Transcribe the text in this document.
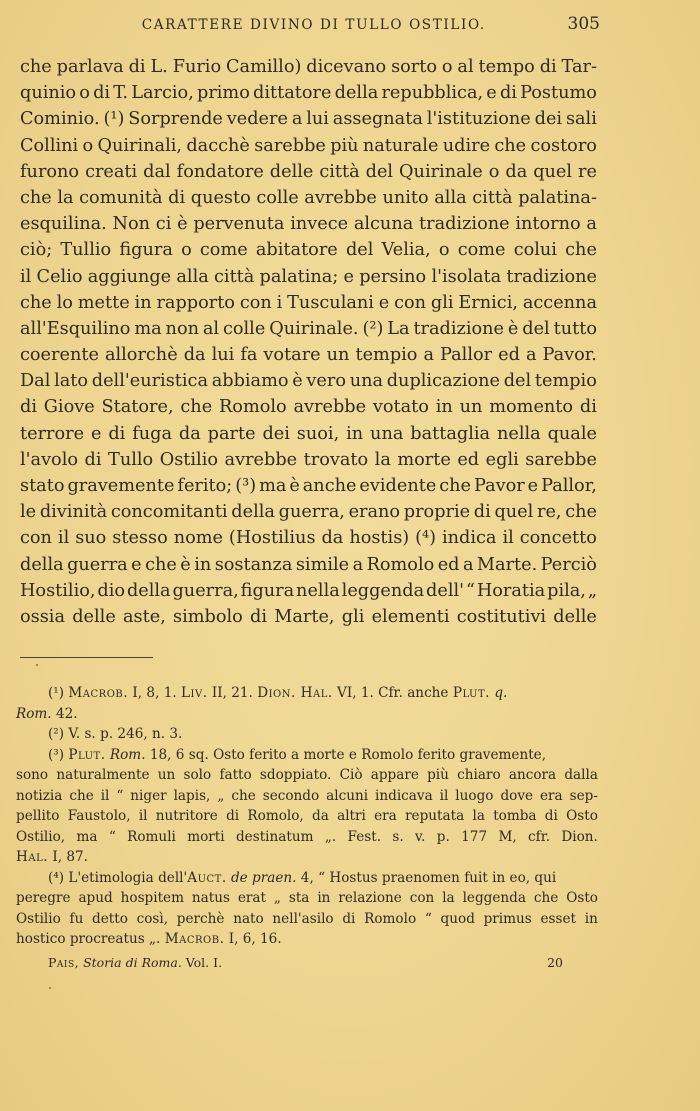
CARATTERE DIVINO DI TULLO OSTILIO.	305
che parlava di L. Furio Camillo) dicevano sorto o al tempo di Tar-
quinio o di T. Larcio, primo dittatore della repubblica, e di Postumo
Cominio. (¹) Sorprende vedere a lui assegnata l'istituzione dei sali
Collini o Quirinali, dacchè sarebbe più naturale udire che costoro
furono creati dal fondatore delle città del Quirinale o da quel re
che la comunità di questo colle avrebbe unito alla città palatina-
esquilina. Non ci è pervenuta invece alcuna tradizione intorno a
ciò; Tullio figura o come abitatore del Velia, o come colui che
il Celio aggiunge alla città palatina; e persino l'isolata tradizione
che lo mette in rapporto con i Tusculani e con gli Ernici, accenna
all'Esquilino ma non al colle Quirinale. (²) La tradizione è del tutto
coerente allorchè da lui fa votare un tempio a Pallor ed a Pavor.
Dal lato dell'euristica abbiamo è vero una duplicazione del tempio
di Giove Statore, che Romolo avrebbe votato in un momento di
terrore e di fuga da parte dei suoi, in una battaglia nella quale
l'avolo di Tullo Ostilio avrebbe trovato la morte ed egli sarebbe
stato gravemente ferito; (³) ma è anche evidente che Pavor e Pallor,
le divinità concomitanti della guerra, erano proprie di quel re, che
con il suo stesso nome (Hostilius da hostis) (⁴) indica il concetto
della guerra e che è in sostanza simile a Romolo ed a Marte. Perciò
Hostilio, dio della guerra, figura nella leggenda dell' “ Horatia pila, „
ossia delle aste, simbolo di Marte, gli elementi costitutivi delle
(¹) Macrob. I, 8, 1. Liv. II, 21. Dion. Hal. VI, 1. Cfr. anche Plut. q.
Rom. 42.
(²) V. s. p. 246, n. 3.
(³) Plut. Rom. 18, 6 sq. Osto ferito a morte e Romolo ferito gravemente,
sono naturalmente un solo fatto sdoppiato. Ciò appare più chiaro ancora dalla
notizia che il “ niger lapis, „ che secondo alcuni indicava il luogo dove era sep-
pellito Faustolo, il nutritore di Romolo, da altri era reputata la tomba di Osto
Ostilio, ma “ Romuli morti destinatum „. Fest. s. v. p. 177 M, cfr. Dion.
Hal. I, 87.
(⁴) L'etimologia dell'Auct. de praen. 4, “ Hostus praenomen fuit in eo, qui
peregre apud hospitem natus erat „ sta in relazione con la leggenda che Osto
Ostilio fu detto così, perchè nato nell'asilo di Romolo “ quod primus esset in
hostico procreatus „. Macrob. I, 6, 16.
Pais, Storia di Roma. Vol. I.	20
